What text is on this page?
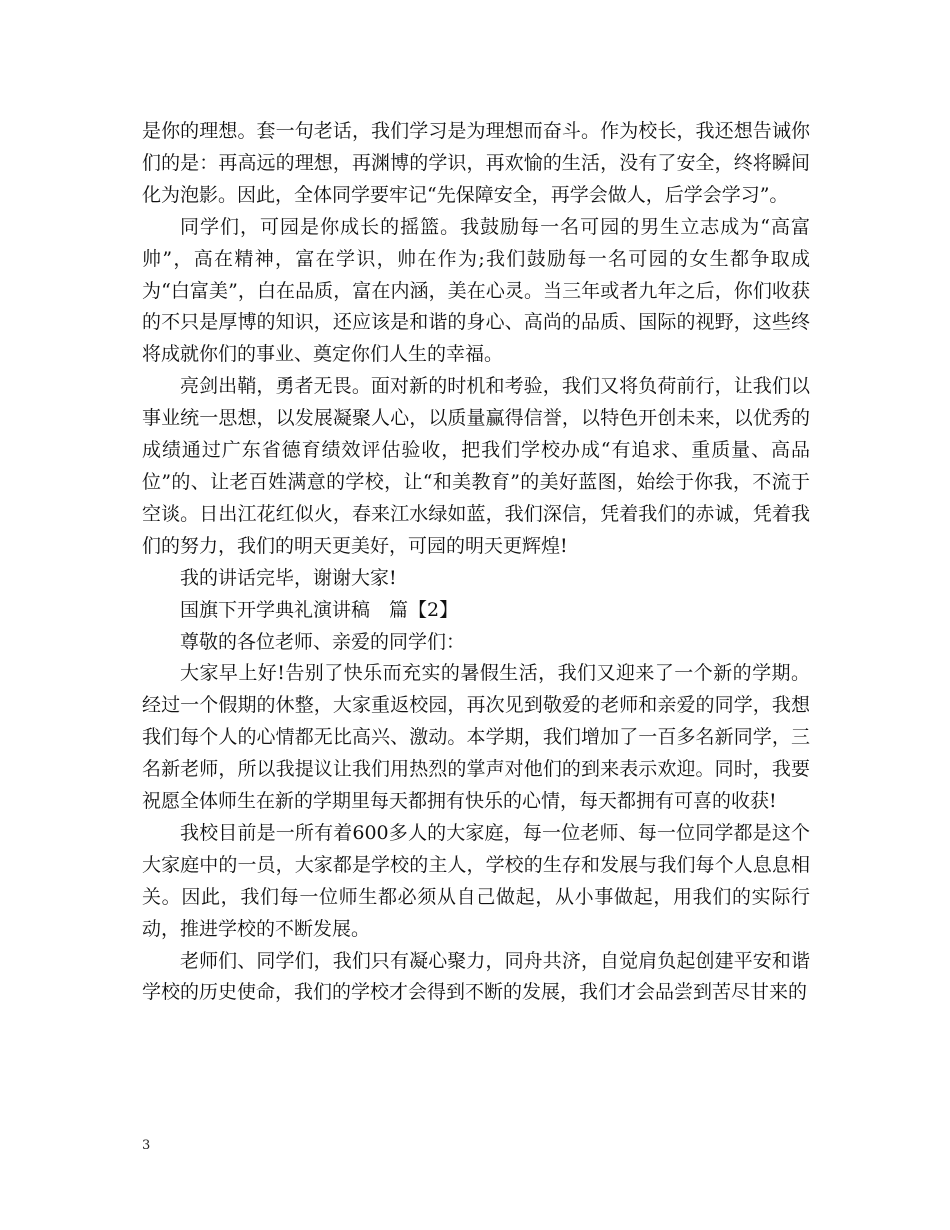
是你的理想。套一句老话，我们学习是为理想而奋斗。作为校长，我还想告诫你们的是：再高远的理想，再渊博的学识，再欢愉的生活，没有了安全，终将瞬间化为泡影。因此，全体同学要牢记“先保障安全，再学会做人，后学会学习”。

同学们，可园是你成长的摇篮。我鼓励每一名可园的男生立志成为“高富帅”，高在精神，富在学识，帅在作为;我们鼓励每一名可园的女生都争取成为“白富美”，白在品质，富在内涵，美在心灵。当三年或者九年之后，你们收获的不只是厚博的知识，还应该是和谐的身心、高尚的品质、国际的视野，这些终将成就你们的事业、奠定你们人生的幸福。

亮剑出鞘，勇者无畏。面对新的时机和考验，我们又将负荷前行，让我们以事业统一思想，以发展凝聚人心，以质量赢得信誉，以特色开创未来，以优秀的成绩通过广东省德育绩效评估验收，把我们学校办成“有追求、重质量、高品位”的、让老百姓满意的学校，让“和美教育”的美好蓝图，始绘于你我，不流于空谈。日出江花红似火，春来江水绿如蓝，我们深信，凭着我们的赤诚，凭着我们的努力，我们的明天更美好，可园的明天更辉煌!

我的讲话完毕，谢谢大家!

国旗下开学典礼演讲稿　篇【2】

尊敬的各位老师、亲爱的同学们：

大家早上好!告别了快乐而充实的暑假生活，我们又迎来了一个新的学期。经过一个假期的休整，大家重返校园，再次见到敬爱的老师和亲爱的同学，我想我们每个人的心情都无比高兴、激动。本学期，我们增加了一百多名新同学，三名新老师，所以我提议让我们用热烈的掌声对他们的到来表示欢迎。同时，我要祝愿全体师生在新的学期里每天都拥有快乐的心情，每天都拥有可喜的收获!

我校目前是一所有着600多人的大家庭，每一位老师、每一位同学都是这个大家庭中的一员，大家都是学校的主人，学校的生存和发展与我们每个人息息相关。因此，我们每一位师生都必须从自己做起，从小事做起，用我们的实际行动，推进学校的不断发展。

老师们、同学们，我们只有凝心聚力，同舟共济，自觉肩负起创建平安和谐学校的历史使命，我们的学校才会得到不断的发展，我们才会品尝到苦尽甘来的

3
